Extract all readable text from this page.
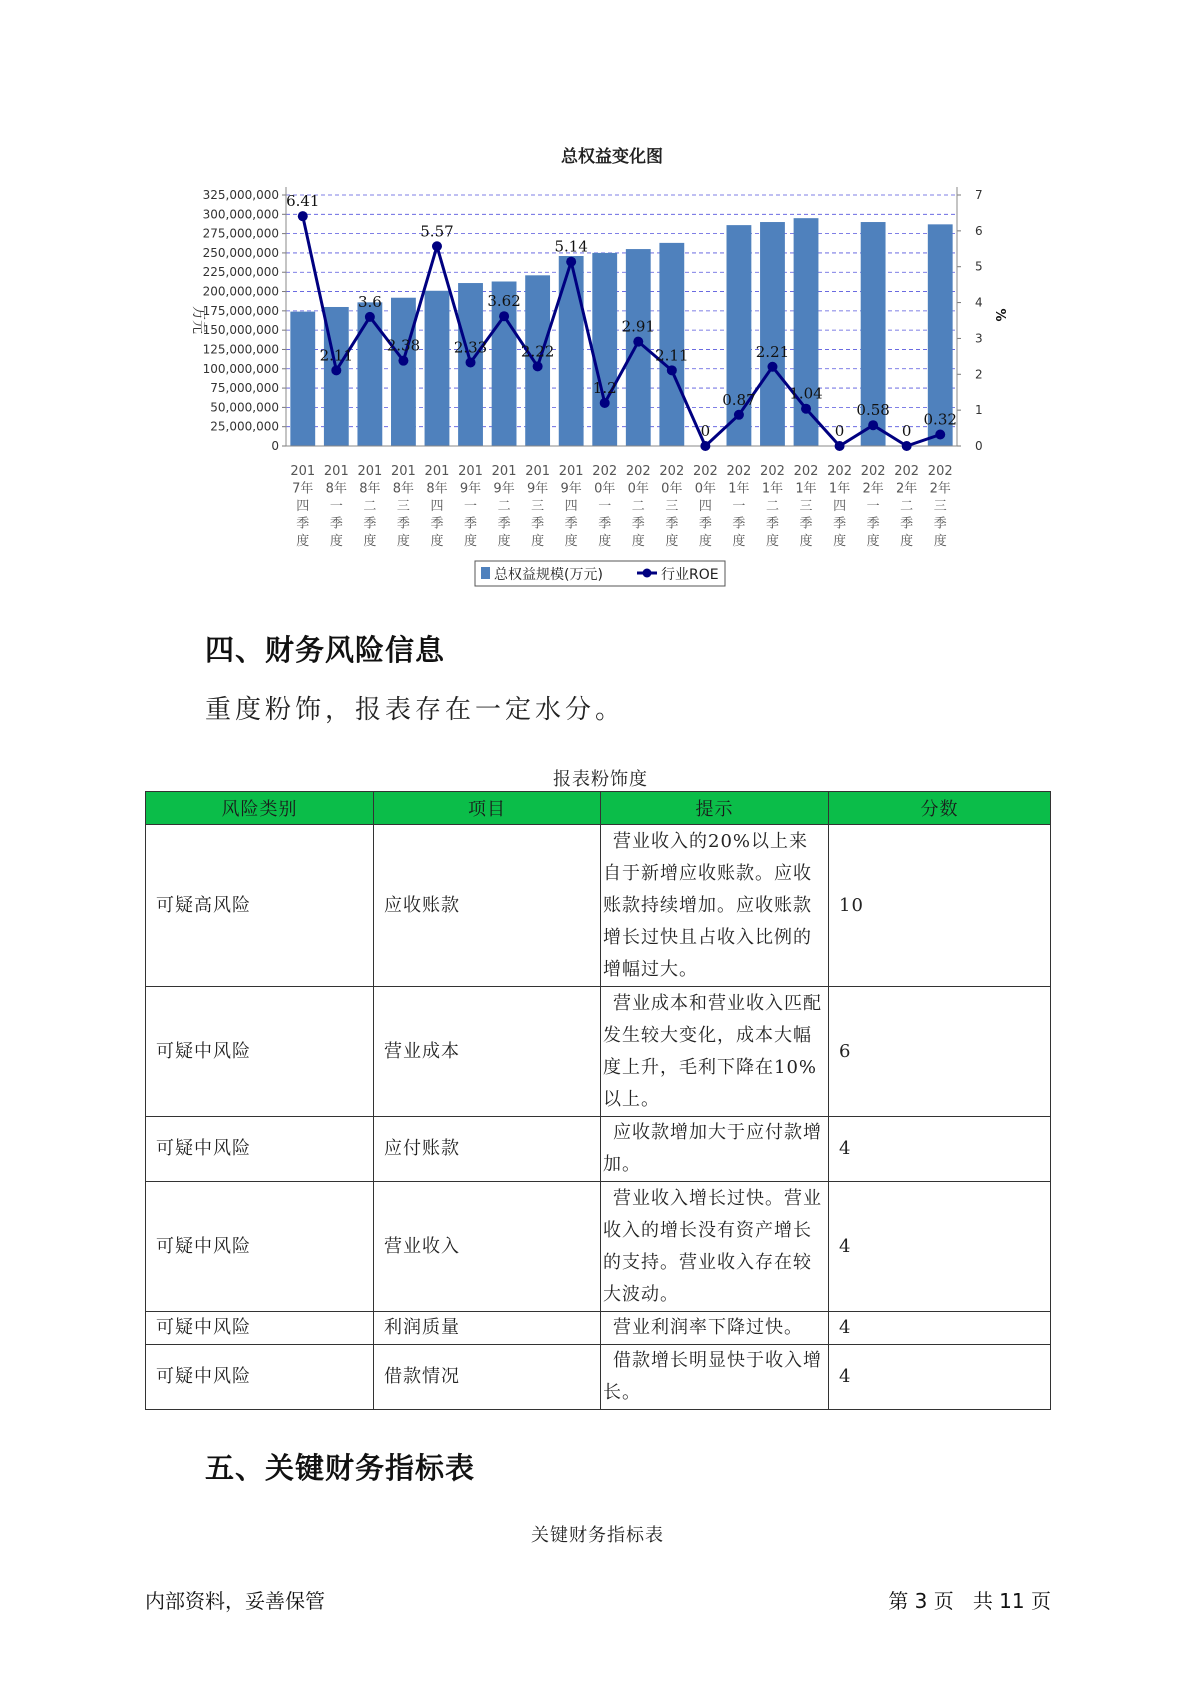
总权益变化图
0
25,000,000
50,000,000
75,000,000
100,000,000
125,000,000
150,000,000
175,000,000
200,000,000
225,000,000
250,000,000
275,000,000
300,000,000
325,000,000
0
1
2
3
4
5
6
7
6.41
2.11
3.6
2.38
5.57
2.33
3.62
2.22
5.14
1.2
2.91
2.11
0
0.87
2.21
1.04
0
0.58
0
0.32
201 7年四季度
201 8年一季度
201 8年二季度
201 8年三季度
201 8年四季度
201 9年一季度
201 9年二季度
201 9年三季度
201 9年四季度
202 0年一季度
202 0年二季度
202 0年三季度
202 0年四季度
202 1年一季度
202 1年二季度
202 1年三季度
202 1年四季度
202 2年一季度
202 2年二季度
202 2年三季度
万元	%
总权益规模(万元)	行业ROE
四、财务风险信息
重度粉饰，报表存在一定水分。
报表粉饰度
风险类别	项目	提示	分数
可疑高风险	应收账款	营业收入的20%以上来自于新增应收账款。应收账款持续增加。应收账款增长过快且占收入比例的增幅过大。	10
可疑中风险	营业成本	营业成本和营业收入匹配发生较大变化，成本大幅度上升，毛利下降在10%以上。	6
可疑中风险	应付账款	应收款增加大于应付款增加。	4
可疑中风险	营业收入	营业收入增长过快。营业收入的增长没有资产增长的支持。营业收入存在较大波动。	4
可疑中风险	利润质量	营业利润率下降过快。	4
可疑中风险	借款情况	借款增长明显快于收入增长。	4
五、关键财务指标表
关键财务指标表
内部资料，妥善保管	第 3 页   共 11 页
